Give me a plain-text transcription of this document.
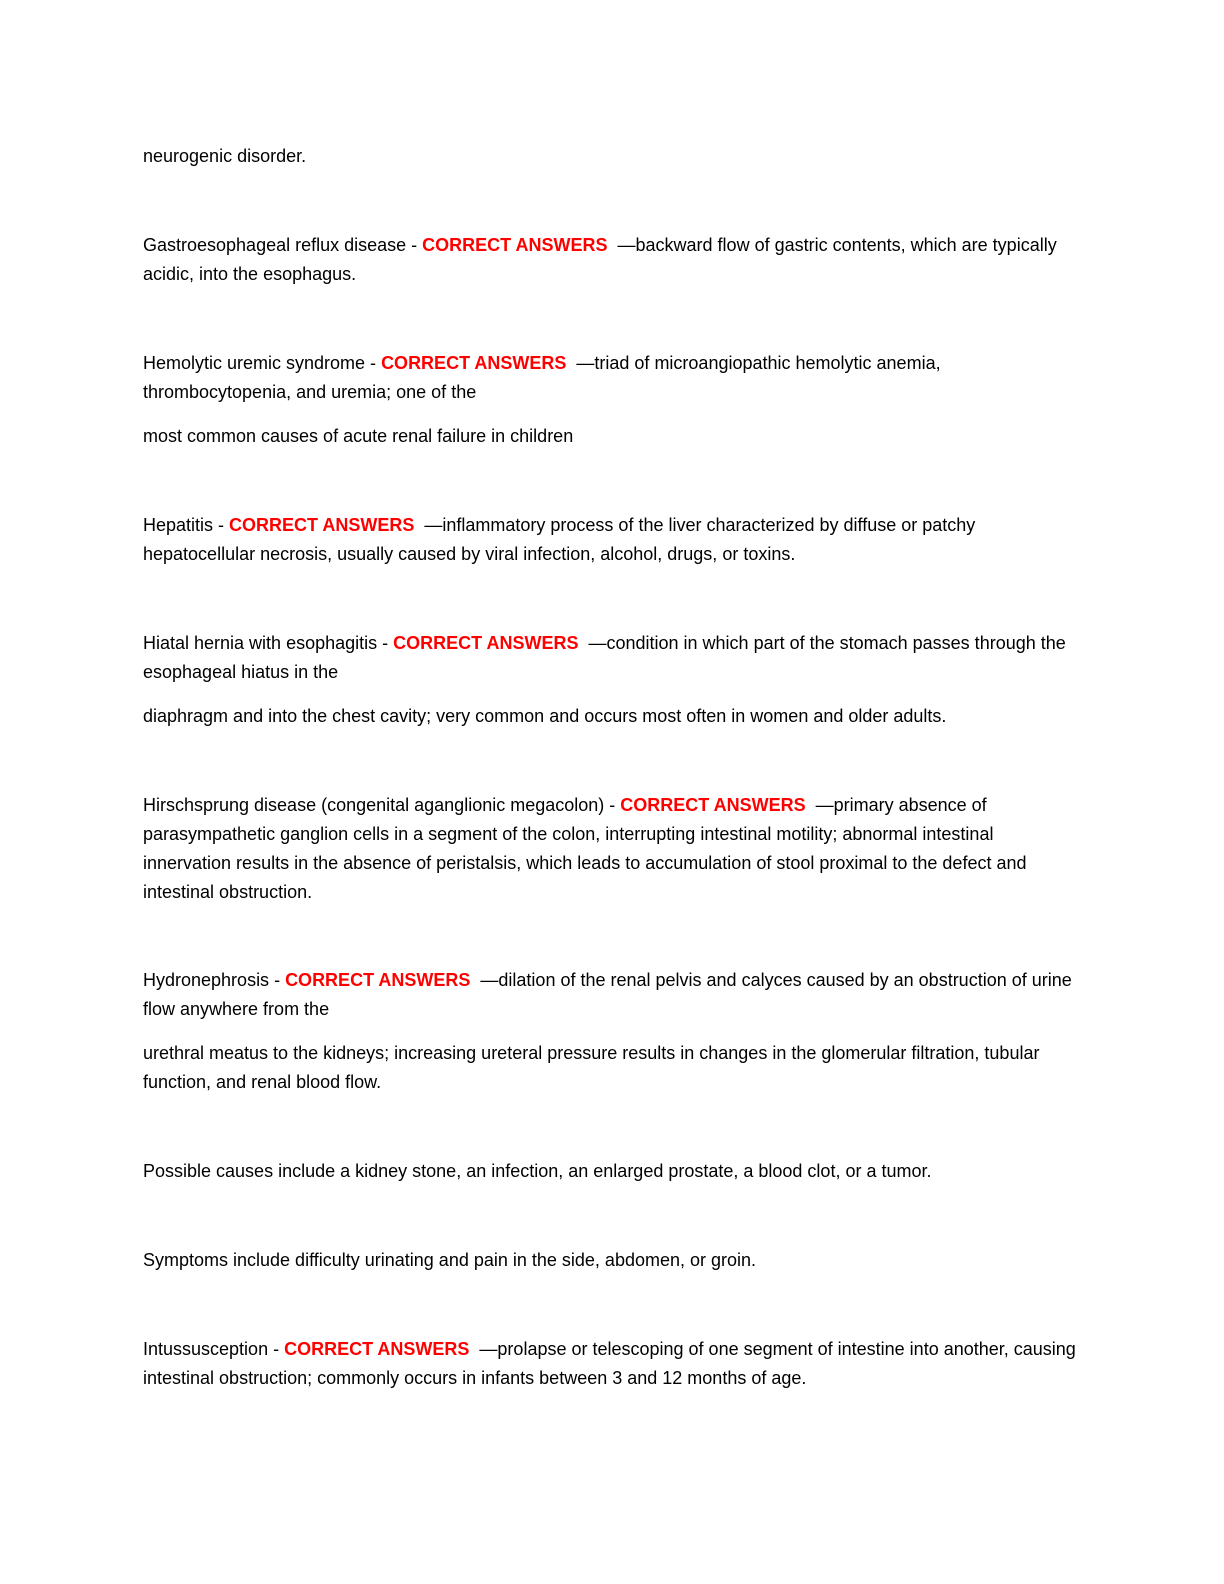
neurogenic disorder.

Gastroesophageal reflux disease - CORRECT ANSWERS  —backward flow of gastric contents, which are typically acidic, into the esophagus.

Hemolytic uremic syndrome - CORRECT ANSWERS  —triad of microangiopathic hemolytic anemia, thrombocytopenia, and uremia; one of the

most common causes of acute renal failure in children

Hepatitis - CORRECT ANSWERS  —inflammatory process of the liver characterized by diffuse or patchy hepatocellular necrosis, usually caused by viral infection, alcohol, drugs, or toxins.

Hiatal hernia with esophagitis - CORRECT ANSWERS  —condition in which part of the stomach passes through the esophageal hiatus in the

diaphragm and into the chest cavity; very common and occurs most often in women and older adults.

Hirschsprung disease (congenital aganglionic megacolon) - CORRECT ANSWERS  —primary absence of parasympathetic ganglion cells in a segment of the colon, interrupting intestinal motility; abnormal intestinal innervation results in the absence of peristalsis, which leads to accumulation of stool proximal to the defect and intestinal obstruction.

Hydronephrosis - CORRECT ANSWERS  —dilation of the renal pelvis and calyces caused by an obstruction of urine flow anywhere from the

urethral meatus to the kidneys; increasing ureteral pressure results in changes in the glomerular filtration, tubular function, and renal blood flow.

Possible causes include a kidney stone, an infection, an enlarged prostate, a blood clot, or a tumor.

Symptoms include difficulty urinating and pain in the side, abdomen, or groin.

Intussusception - CORRECT ANSWERS  —prolapse or telescoping of one segment of intestine into another, causing intestinal obstruction; commonly occurs in infants between 3 and 12 months of age.
